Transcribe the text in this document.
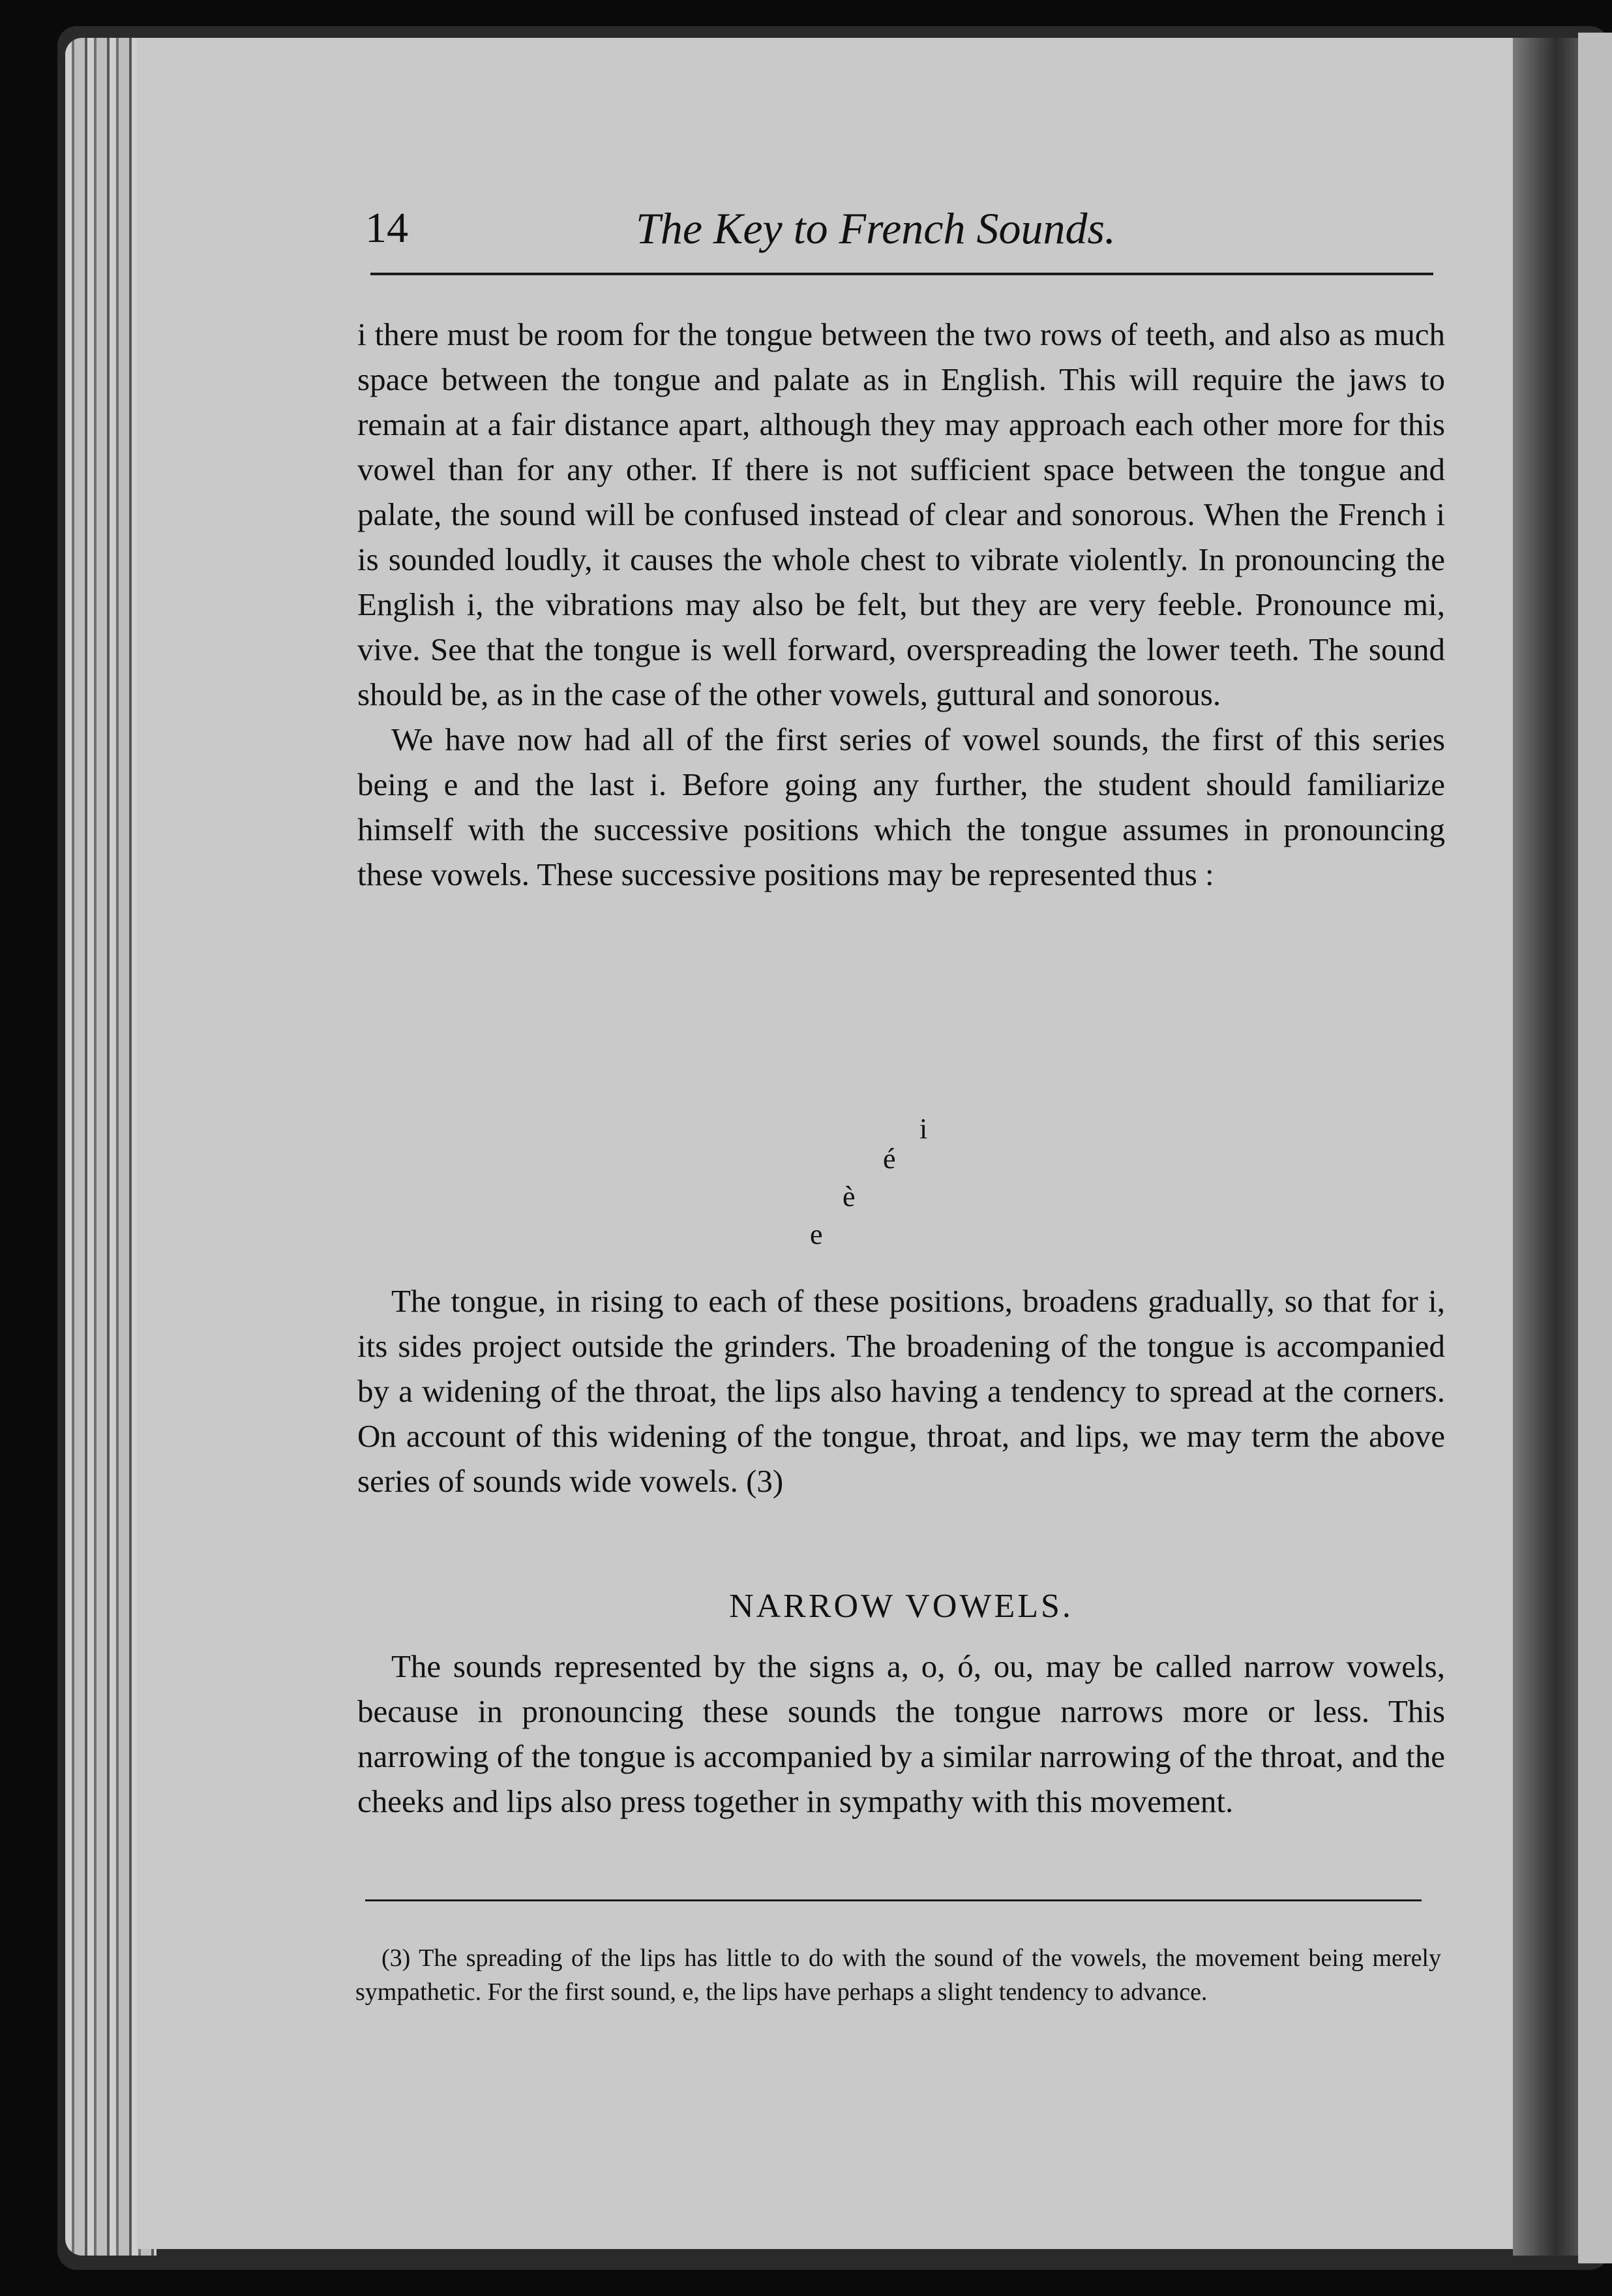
14	The Key to French Sounds.

i there must be room for the tongue between the two rows of teeth, and also as much space between the tongue and palate as in English. This will require the jaws to remain at a fair distance apart, although they may approach each other more for this vowel than for any other. If there is not sufficient space between the tongue and palate, the sound will be confused instead of clear and sonorous. When the French i is sounded loudly, it causes the whole chest to vibrate violently. In pronouncing the English i, the vibrations may also be felt, but they are very feeble. Pronounce mi, vive. See that the tongue is well forward, overspreading the lower teeth. The sound should be, as in the case of the other vowels, guttural and sonorous.

We have now had all of the first series of vowel sounds, the first of this series being e and the last i. Before going any further, the student should familiarize himself with the successive positions which the tongue assumes in pronouncing these vowels. These successive positions may be represented thus :

i
é
è
e

The tongue, in rising to each of these positions, broadens gradually, so that for i, its sides project outside the grinders. The broadening of the tongue is accompanied by a widening of the throat, the lips also having a tendency to spread at the corners. On account of this widening of the tongue, throat, and lips, we may term the above series of sounds wide vowels. (3)

NARROW VOWELS.

The sounds represented by the signs a, o, ó, ou, may be called narrow vowels, because in pronouncing these sounds the tongue narrows more or less. This narrowing of the tongue is accompanied by a similar narrowing of the throat, and the cheeks and lips also press together in sympathy with this movement.

(3) The spreading of the lips has little to do with the sound of the vowels, the movement being merely sympathetic. For the first sound, e, the lips have perhaps a slight tendency to advance.
